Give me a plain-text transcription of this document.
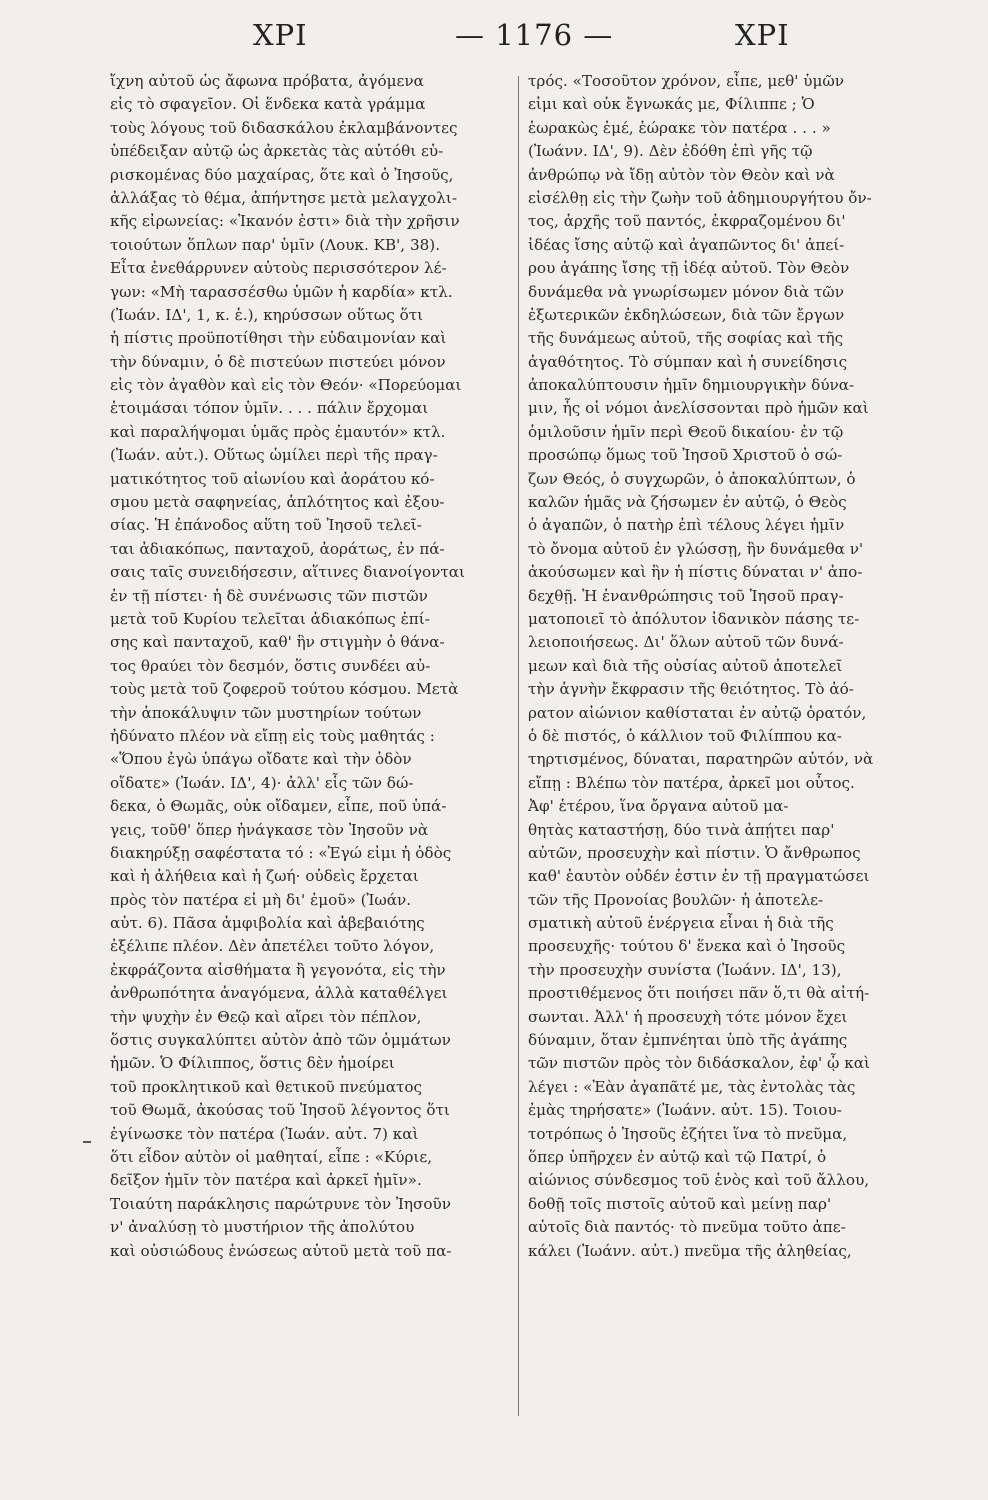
ΧΡΙ	— 1176 —	ΧΡΙ
ἴχνη αὐτοῦ ὡς ἄφωνα πρόβατα, ἀγόμενα
εἰς τὸ σφαγεῖον. Οἱ ἕνδεκα κατὰ γράμμα
τοὺς λόγους τοῦ διδασκάλου ἐκλαμβάνοντες
ὑπέδειξαν αὐτῷ ὡς ἀρκετὰς τὰς αὐτόθι εὑ-
ρισκομένας δύο μαχαίρας, ὅτε καὶ ὁ Ἰησοῦς,
ἀλλάξας τὸ θέμα, ἀπήντησε μετὰ μελαγχολι-
κῆς εἰρωνείας: «Ἱκανόν ἐστι» διὰ τὴν χρῆσιν
τοιούτων ὅπλων παρ' ὑμῖν (Λουκ. ΚΒ', 38).
Εἶτα ἐνεθάρρυνεν αὐτοὺς περισσότερον λέ-
γων: «Μὴ ταρασσέσθω ὑμῶν ἡ καρδία» κτλ.
(Ἰωάν. ΙΔ', 1, κ. ἑ.), κηρύσσων οὕτως ὅτι
ἡ πίστις προϋποτίθησι τὴν εὐδαιμονίαν καὶ
τὴν δύναμιν, ὁ δὲ πιστεύων πιστεύει μόνον
εἰς τὸν ἀγαθὸν καὶ εἰς τὸν Θεόν· «Πορεύομαι
ἑτοιμάσαι τόπον ὑμῖν. . . . πάλιν ἔρχομαι
καὶ παραλήψομαι ὑμᾶς πρὸς ἐμαυτόν» κτλ.
(Ἰωάν. αὐτ.). Οὕτως ὡμίλει περὶ τῆς πραγ-
ματικότητος τοῦ αἰωνίου καὶ ἀοράτου κό-
σμου μετὰ σαφηνείας, ἁπλότητος καὶ ἐξου-
σίας. Ἡ ἐπάνοδος αὕτη τοῦ Ἰησοῦ τελεῖ-
ται ἀδιακόπως, πανταχοῦ, ἀοράτως, ἐν πά-
σαις ταῖς συνειδήσεσιν, αἵτινες διανοίγονται
ἐν τῇ πίστει· ἡ δὲ συνένωσις τῶν πιστῶν
μετὰ τοῦ Κυρίου τελεῖται ἀδιακόπως ἐπί-
σης καὶ πανταχοῦ, καθ' ἣν στιγμὴν ὁ θάνα-
τος θραύει τὸν δεσμόν, ὅστις συνδέει αὐ-
τοὺς μετὰ τοῦ ζοφεροῦ τούτου κόσμου. Μετὰ
τὴν ἀποκάλυψιν τῶν μυστηρίων τούτων
ἠδύνατο πλέον νὰ εἴπῃ εἰς τοὺς μαθητάς :
«Ὅπου ἐγὼ ὑπάγω οἴδατε καὶ τὴν ὁδὸν
οἴδατε» (Ἰωάν. ΙΔ', 4)· ἀλλ' εἷς τῶν δώ-
δεκα, ὁ Θωμᾶς, οὐκ οἴδαμεν, εἶπε, ποῦ ὑπά-
γεις, τοῦθ' ὅπερ ἠνάγκασε τὸν Ἰησοῦν νὰ
διακηρύξῃ σαφέστατα τό : «Ἐγώ εἰμι ἡ ὁδὸς
καὶ ἡ ἀλήθεια καὶ ἡ ζωή· οὐδεὶς ἔρχεται
πρὸς τὸν πατέρα εἰ μὴ δι' ἐμοῦ» (Ἰωάν.
αὐτ. 6). Πᾶσα ἀμφιβολία καὶ ἀβεβαιότης
ἐξέλιπε πλέον. Δὲν ἀπετέλει τοῦτο λόγον,
ἐκφράζοντα αἰσθήματα ἢ γεγονότα, εἰς τὴν
ἀνθρωπότητα ἀναγόμενα, ἀλλὰ καταθέλγει
τὴν ψυχὴν ἐν Θεῷ καὶ αἴρει τὸν πέπλον,
ὅστις συγκαλύπτει αὐτὸν ἀπὸ τῶν ὀμμάτων
ἡμῶν. Ὁ Φίλιππος, ὅστις δὲν ἠμοίρει
τοῦ προκλητικοῦ καὶ θετικοῦ πνεύματος
τοῦ Θωμᾶ, ἀκούσας τοῦ Ἰησοῦ λέγοντος ὅτι
ἐγίνωσκε τὸν πατέρα (Ἰωάν. αὐτ. 7) καὶ
ὅτι εἶδον αὐτὸν οἱ μαθηταί, εἶπε : «Κύριε,
δεῖξον ἡμῖν τὸν πατέρα καὶ ἀρκεῖ ἡμῖν».
Τοιαύτη παράκλησις παρώτρυνε τὸν Ἰησοῦν
ν' ἀναλύσῃ τὸ μυστήριον τῆς ἀπολύτου
καὶ οὐσιώδους ἑνώσεως αὐτοῦ μετὰ τοῦ πα-
τρός. «Τοσοῦτον χρόνον, εἶπε, μεθ' ὑμῶν
εἰμι καὶ οὐκ ἔγνωκάς με, Φίλιππε ; Ὁ
ἑωρακὼς ἐμέ, ἑώρακε τὸν πατέρα . . . »
(Ἰωάνν. ΙΔ', 9). Δὲν ἐδόθη ἐπὶ γῆς τῷ
ἀνθρώπῳ νὰ ἴδῃ αὐτὸν τὸν Θεὸν καὶ νὰ
εἰσέλθῃ εἰς τὴν ζωὴν τοῦ ἀδημιουργήτου ὄν-
τος, ἀρχῆς τοῦ παντός, ἐκφραζομένου δι'
ἰδέας ἴσης αὐτῷ καὶ ἀγαπῶντος δι' ἀπεί-
ρου ἀγάπης ἴσης τῇ ἰδέᾳ αὐτοῦ. Τὸν Θεὸν
δυνάμεθα νὰ γνωρίσωμεν μόνον διὰ τῶν
ἐξωτερικῶν ἐκδηλώσεων, διὰ τῶν ἔργων
τῆς δυνάμεως αὐτοῦ, τῆς σοφίας καὶ τῆς
ἀγαθότητος. Τὸ σύμπαν καὶ ἡ συνείδησις
ἀποκαλύπτουσιν ἡμῖν δημιουργικὴν δύνα-
μιν, ἧς οἱ νόμοι ἀνελίσσονται πρὸ ἡμῶν καὶ
ὁμιλοῦσιν ἡμῖν περὶ Θεοῦ δικαίου· ἐν τῷ
προσώπῳ ὅμως τοῦ Ἰησοῦ Χριστοῦ ὁ σώ-
ζων Θεός, ὁ συγχωρῶν, ὁ ἀποκαλύπτων, ὁ
καλῶν ἡμᾶς νὰ ζήσωμεν ἐν αὐτῷ, ὁ Θεὸς
ὁ ἀγαπῶν, ὁ πατὴρ ἐπὶ τέλους λέγει ἡμῖν
τὸ ὄνομα αὐτοῦ ἐν γλώσσῃ, ἣν δυνάμεθα ν'
ἀκούσωμεν καὶ ἣν ἡ πίστις δύναται ν' ἀπο-
δεχθῇ. Ἡ ἐνανθρώπησις τοῦ Ἰησοῦ πραγ-
ματοποιεῖ τὸ ἀπόλυτον ἰδανικὸν πάσης τε-
λειοποιήσεως. Δι' ὅλων αὐτοῦ τῶν δυνά-
μεων καὶ διὰ τῆς οὐσίας αὐτοῦ ἀποτελεῖ
τὴν ἁγνὴν ἔκφρασιν τῆς θειότητος. Τὸ ἀό-
ρατον αἰώνιον καθίσταται ἐν αὐτῷ ὁρατόν,
ὁ δὲ πιστός, ὁ κάλλιον τοῦ Φιλίππου κα-
τηρτισμένος, δύναται, παρατηρῶν αὐτόν, νὰ
εἴπῃ : Βλέπω τὸν πατέρα, ἀρκεῖ μοι οὗτος.
Ἀφ' ἑτέρου, ἵνα ὄργανα αὐτοῦ μα-
θητὰς καταστήσῃ, δύο τινὰ ἀπῄτει παρ'
αὐτῶν, προσευχὴν καὶ πίστιν. Ὁ ἄνθρωπος
καθ' ἑαυτὸν οὐδέν ἐστιν ἐν τῇ πραγματώσει
τῶν τῆς Προνοίας βουλῶν· ἡ ἀποτελε-
σματικὴ αὐτοῦ ἐνέργεια εἶναι ἡ διὰ τῆς
προσευχῆς· τούτου δ' ἕνεκα καὶ ὁ Ἰησοῦς
τὴν προσευχὴν συνίστα (Ἰωάνν. ΙΔ', 13),
προστιθέμενος ὅτι ποιήσει πᾶν ὅ,τι θὰ αἰτή-
σωνται. Ἀλλ' ἡ προσευχὴ τότε μόνον ἔχει
δύναμιν, ὅταν ἐμπνέηται ὑπὸ τῆς ἀγάπης
τῶν πιστῶν πρὸς τὸν διδάσκαλον, ἐφ' ᾧ καὶ
λέγει : «Ἐὰν ἀγαπᾶτέ με, τὰς ἐντολὰς τὰς
ἐμὰς τηρήσατε» (Ἰωάνν. αὐτ. 15). Τοιου-
τοτρόπως ὁ Ἰησοῦς ἐζήτει ἵνα τὸ πνεῦμα,
ὅπερ ὑπῆρχεν ἐν αὐτῷ καὶ τῷ Πατρί, ὁ
αἰώνιος σύνδεσμος τοῦ ἑνὸς καὶ τοῦ ἄλλου,
δοθῇ τοῖς πιστοῖς αὐτοῦ καὶ μείνῃ παρ'
αὐτοῖς διὰ παντός· τὸ πνεῦμα τοῦτο ἀπε-
κάλει (Ἰωάνν. αὐτ.) πνεῦμα τῆς ἀληθείας,
